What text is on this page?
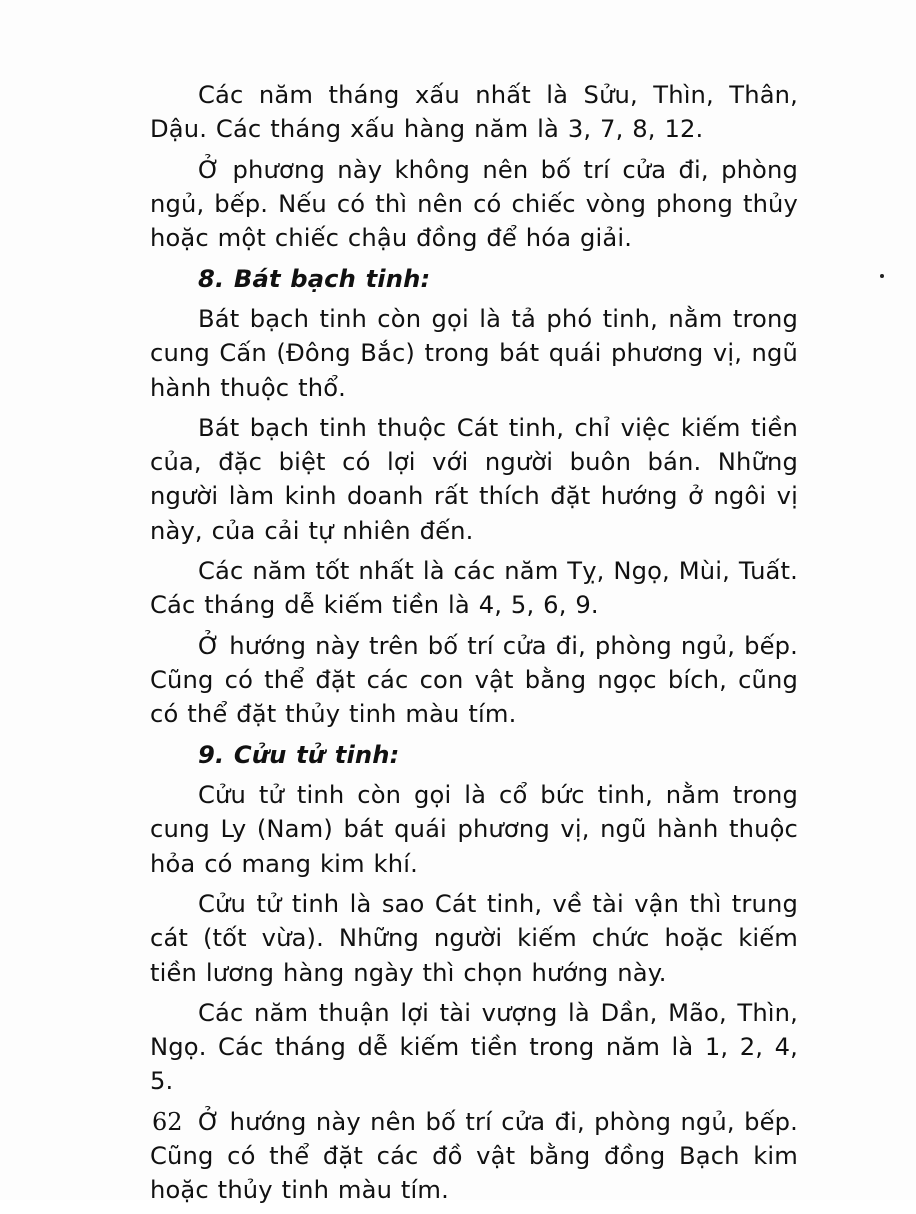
Các năm tháng xấu nhất là Sửu, Thìn, Thân, Dậu. Các tháng xấu hàng năm là 3, 7, 8, 12.

Ở phương này không nên bố trí cửa đi, phòng ngủ, bếp. Nếu có thì nên có chiếc vòng phong thủy hoặc một chiếc chậu đồng để hóa giải.

8. Bát bạch tinh:

Bát bạch tinh còn gọi là tả phó tinh, nằm trong cung Cấn (Đông Bắc) trong bát quái phương vị, ngũ hành thuộc thổ.

Bát bạch tinh thuộc Cát tinh, chỉ việc kiếm tiền của, đặc biệt có lợi với người buôn bán. Những người làm kinh doanh rất thích đặt hướng ở ngôi vị này, của cải tự nhiên đến.

Các năm tốt nhất là các năm Tỵ, Ngọ, Mùi, Tuất. Các tháng dễ kiếm tiền là 4, 5, 6, 9.

Ở hướng này trên bố trí cửa đi, phòng ngủ, bếp. Cũng có thể đặt các con vật bằng ngọc bích, cũng có thể đặt thủy tinh màu tím.

9. Cửu tử tinh:

Cửu tử tinh còn gọi là cổ bức tinh, nằm trong cung Ly (Nam) bát quái phương vị, ngũ hành thuộc hỏa có mang kim khí.

Cửu tử tinh là sao Cát tinh, về tài vận thì trung cát (tốt vừa). Những người kiếm chức hoặc kiếm tiền lương hàng ngày thì chọn hướng này.

Các năm thuận lợi tài vượng là Dần, Mão, Thìn, Ngọ. Các tháng dễ kiếm tiền trong năm là 1, 2, 4, 5.

Ở hướng này nên bố trí cửa đi, phòng ngủ, bếp. Cũng có thể đặt các đồ vật bằng đồng Bạch kim hoặc thủy tinh màu tím.

62
